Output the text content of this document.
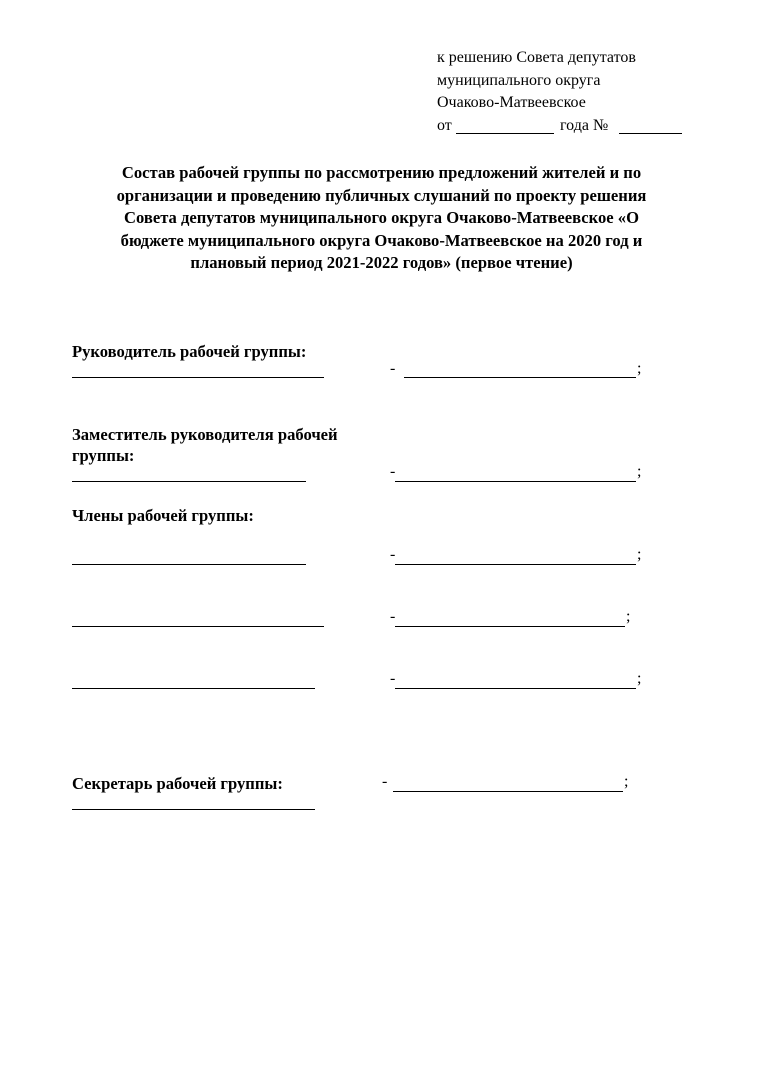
к решению Совета депутатов
муниципального округа
Очаково-Матвеевское
от	года №
Состав рабочей группы по рассмотрению предложений жителей и по
организации и проведению публичных слушаний по проекту решения
Совета депутатов муниципального округа Очаково-Матвеевское «О
бюджете муниципального округа Очаково-Матвеевское на 2020 год и
плановый период 2021-2022 годов» (первое чтение)
Руководитель рабочей группы:
-	;
Заместитель руководителя рабочей
группы:
-	;
Члены рабочей группы:
-	;
-	;
-	;
Секретарь рабочей группы:	-	;
